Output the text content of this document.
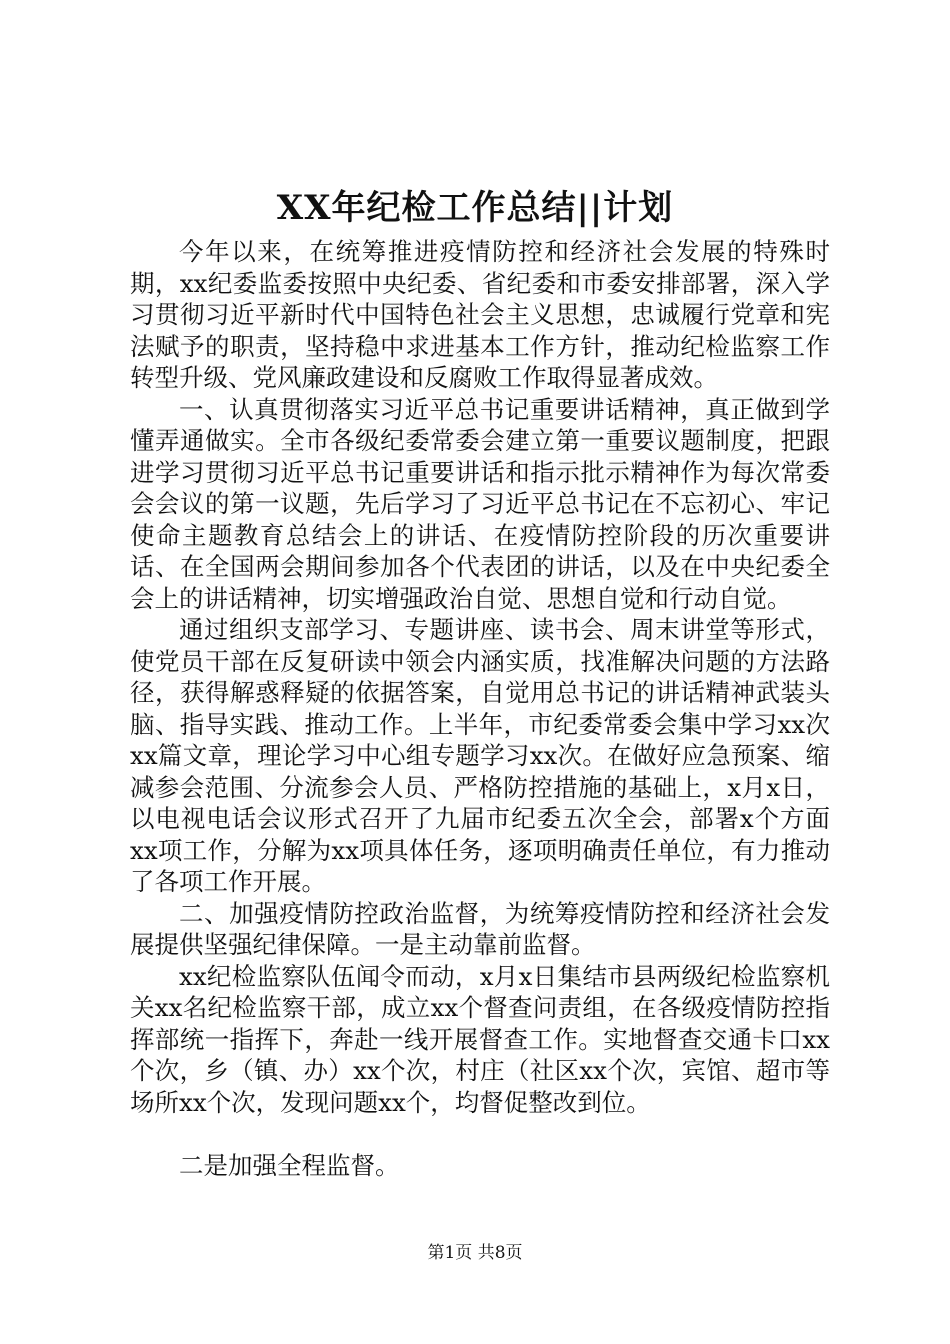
XX年纪检工作总结||计划

今年以来，在统筹推进疫情防控和经济社会发展的特殊时期，xx纪委监委按照中央纪委、省纪委和市委安排部署，深入学习贯彻习近平新时代中国特色社会主义思想，忠诚履行党章和宪法赋予的职责，坚持稳中求进基本工作方针，推动纪检监察工作转型升级、党风廉政建设和反腐败工作取得显著成效。

一、认真贯彻落实习近平总书记重要讲话精神，真正做到学懂弄通做实。全市各级纪委常委会建立第一重要议题制度，把跟进学习贯彻习近平总书记重要讲话和指示批示精神作为每次常委会会议的第一议题，先后学习了习近平总书记在不忘初心、牢记使命主题教育总结会上的讲话、在疫情防控阶段的历次重要讲话、在全国两会期间参加各个代表团的讲话，以及在中央纪委全会上的讲话精神，切实增强政治自觉、思想自觉和行动自觉。

通过组织支部学习、专题讲座、读书会、周末讲堂等形式，使党员干部在反复研读中领会内涵实质，找准解决问题的方法路径，获得解惑释疑的依据答案，自觉用总书记的讲话精神武装头脑、指导实践、推动工作。上半年，市纪委常委会集中学习xx次xx篇文章，理论学习中心组专题学习xx次。在做好应急预案、缩减参会范围、分流参会人员、严格防控措施的基础上，x月x日，以电视电话会议形式召开了九届市纪委五次全会，部署x个方面xx项工作，分解为xx项具体任务，逐项明确责任单位，有力推动了各项工作开展。

二、加强疫情防控政治监督，为统筹疫情防控和经济社会发展提供坚强纪律保障。一是主动靠前监督。

xx纪检监察队伍闻令而动，x月x日集结市县两级纪检监察机关xx名纪检监察干部，成立xx个督查问责组，在各级疫情防控指挥部统一指挥下，奔赴一线开展督查工作。实地督查交通卡口xx个次，乡（镇、办）xx个次，村庄（社区xx个次，宾馆、超市等场所xx个次，发现问题xx个，均督促整改到位。

二是加强全程监督。

第1页 共8页
